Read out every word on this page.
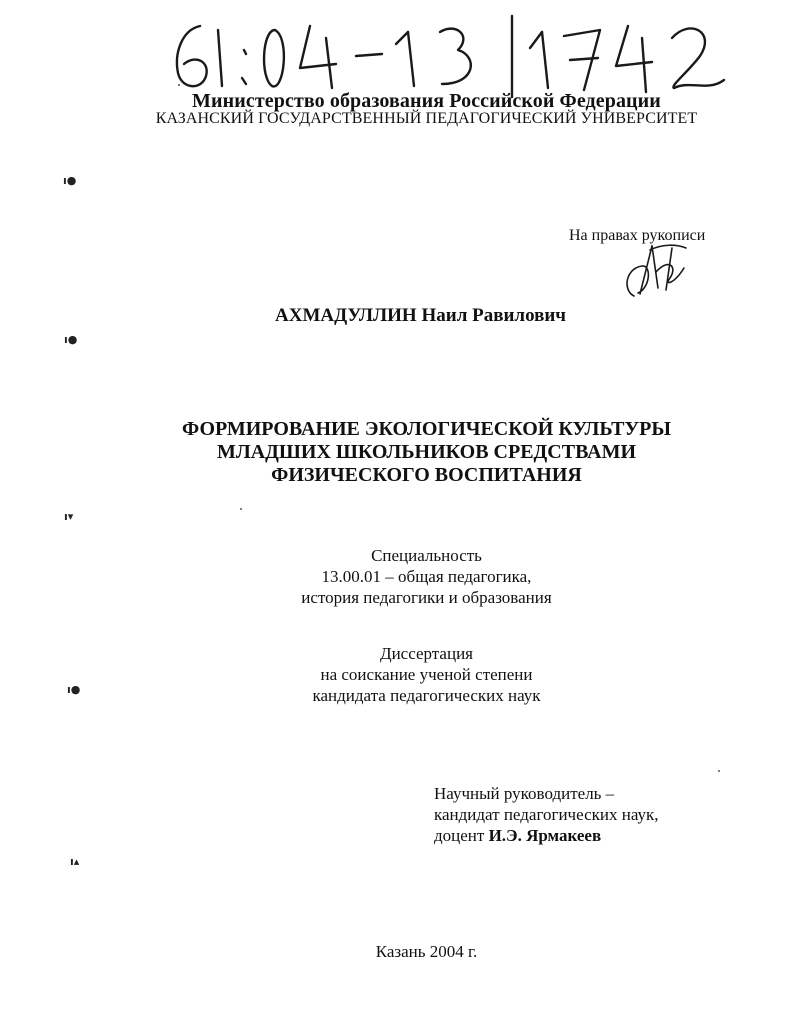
ı●
ı●
ı▾
ı●
ı▴
Министерство образования Российской Федерации
КАЗАНСКИЙ ГОСУДАРСТВЕННЫЙ ПЕДАГОГИЧЕСКИЙ УНИВЕРСИТЕТ
На правах рукописи
АХМАДУЛЛИН Наил Равилович
ФОРМИРОВАНИЕ ЭКОЛОГИЧЕСКОЙ КУЛЬТУРЫ
МЛАДШИХ ШКОЛЬНИКОВ СРЕДСТВАМИ
ФИЗИЧЕСКОГО ВОСПИТАНИЯ
Специальность
13.00.01 – общая педагогика,
история педагогики и образования
Диссертация
на соискание ученой степени
кандидата педагогических наук
Научный руководитель –
кандидат педагогических наук,
доцент И.Э. Ярмакеев
Казань 2004 г.
